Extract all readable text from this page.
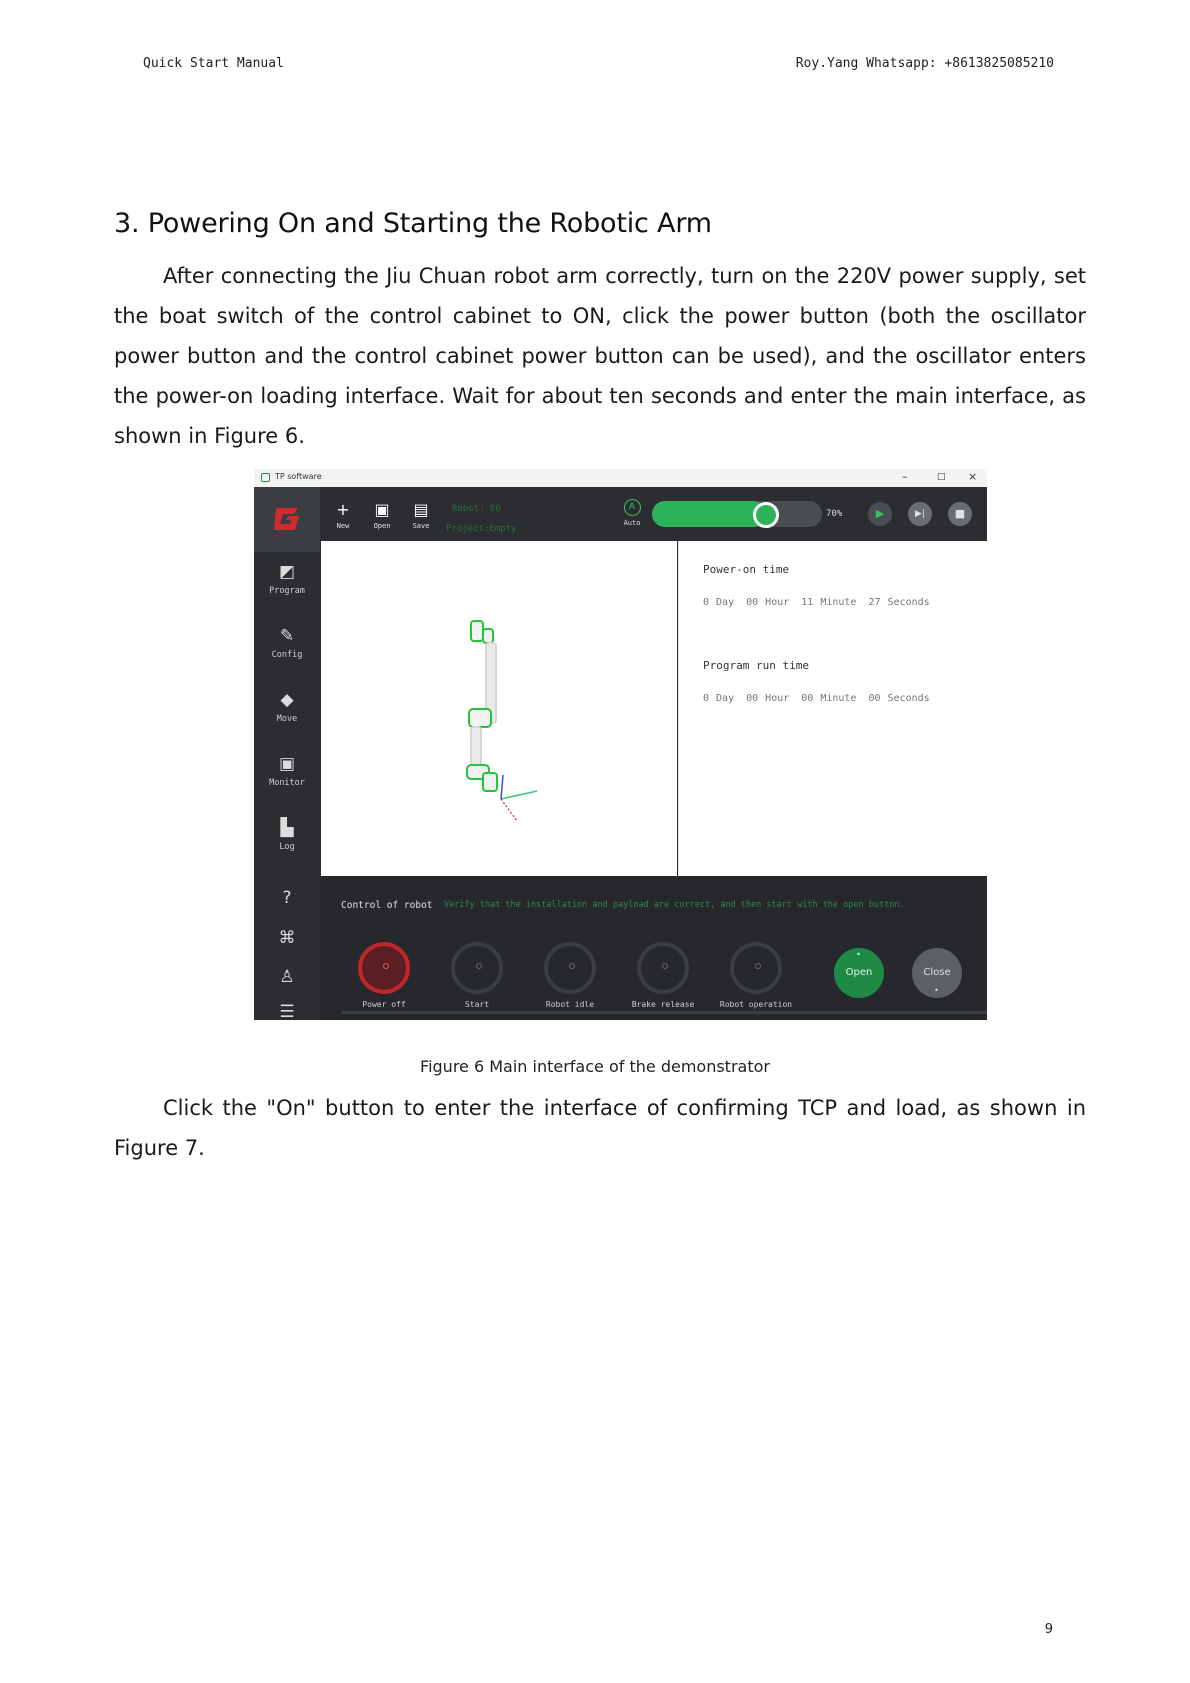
Quick Start Manual	Roy.Yang Whatsapp: +8613825085210
3. Powering On and Starting the Robotic Arm

After connecting the Jiu Chuan robot arm correctly, turn on the 220V power supply, set the boat switch of the control cabinet to ON, click the power button (both the oscillator power button and the control cabinet power button can be used), and the oscillator enters the power-on loading interface. Wait for about ten seconds and enter the main interface, as shown in Figure 6.

TP software	–	□ ×
+
New
▣
Open
▤
Save
Robot: 06
Project:Empty
A
Auto
70%	▶	▶|	■
◩
Program
✎
Config
◆
Move
▣
Monitor
▙
Log
?
⌘
♙
☰
Power-on time
0 Day 00 Hour 11 Minute 27 Seconds
Program run time
0 Day 00 Hour 00 Minute 00 Seconds
Control of robot Verify that the installation and payload are correct, and then start with the open button.
Power off	Start	Robot idle	Brake release	Robot operation
•
Open	Close
•
Figure 6 Main interface of the demonstrator

Click the "On" button to enter the interface of confirming TCP and load, as shown in Figure 7.

9
